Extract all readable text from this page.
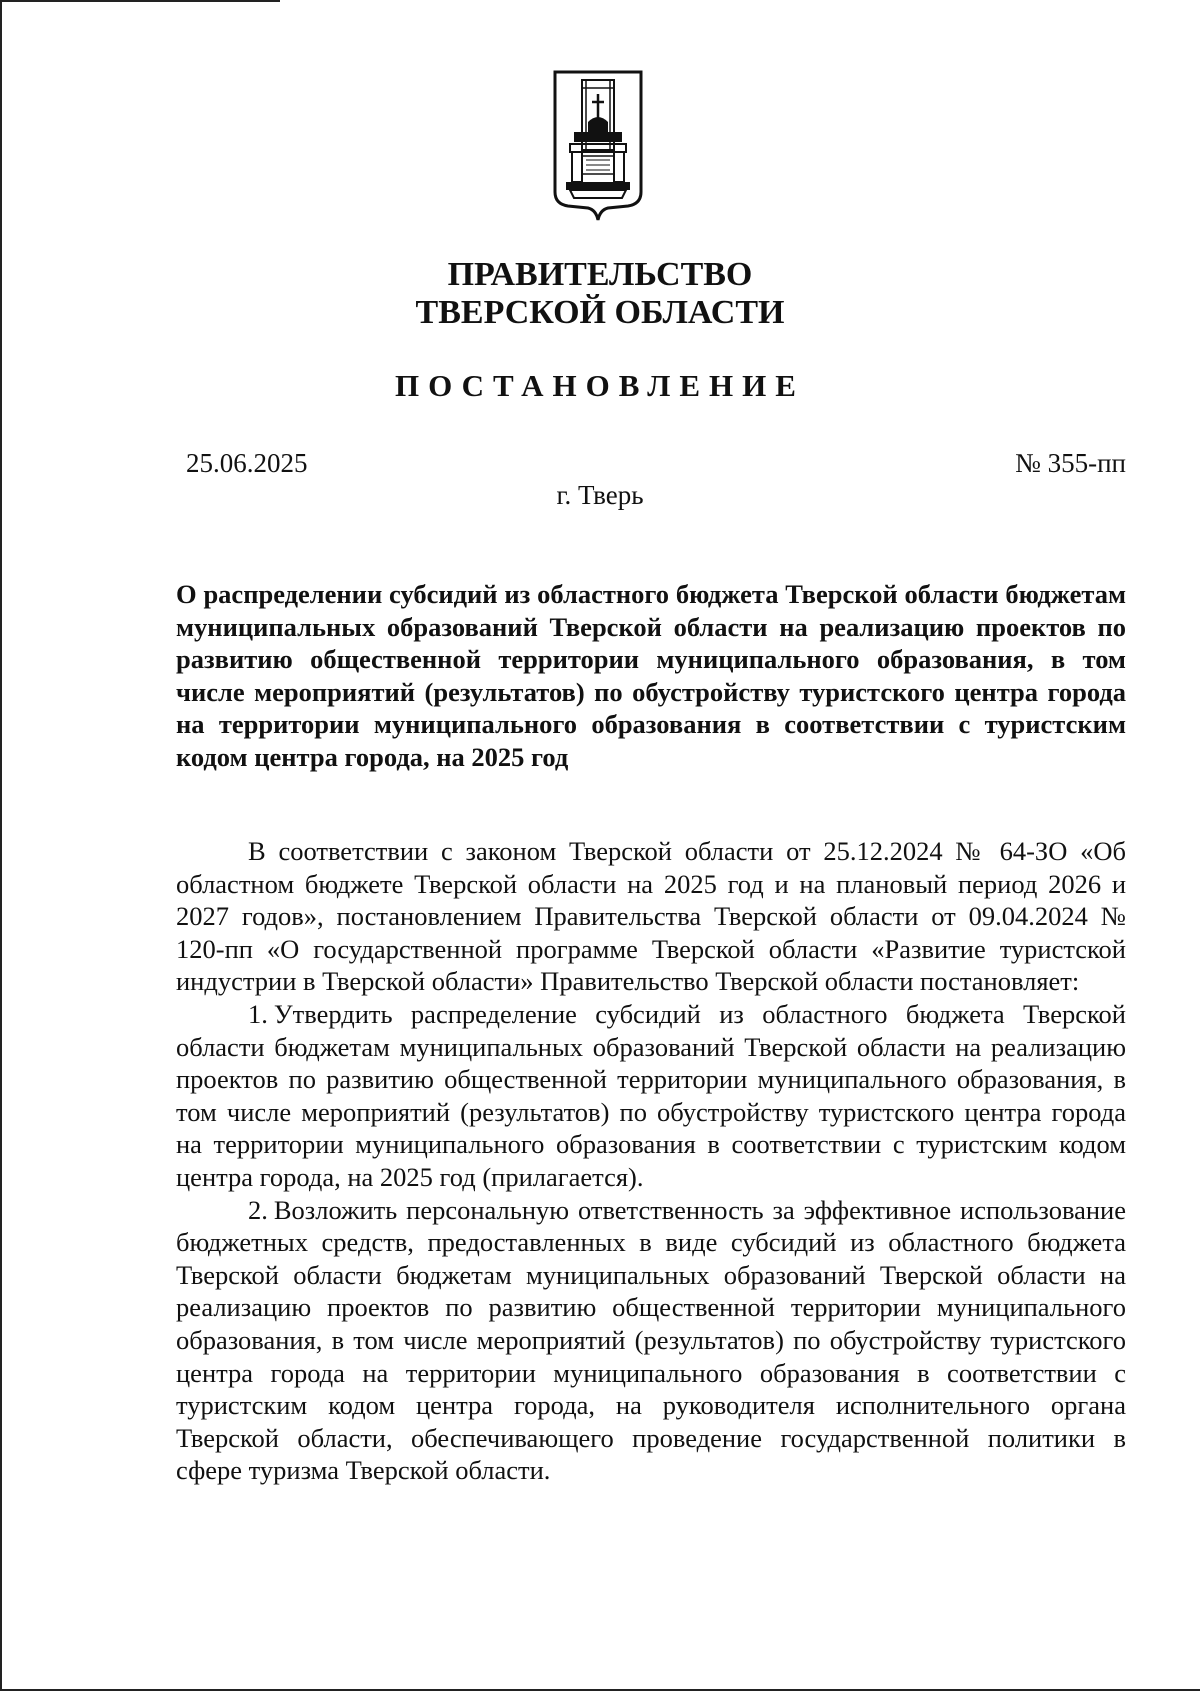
ПРАВИТЕЛЬСТВО
ТВЕРСКОЙ ОБЛАСТИ
ПОСТАНОВЛЕНИЕ
25.06.2025	№ 355-пп
г. Тверь
О распределении субсидий из областного бюджета Тверской области бюджетам муниципальных образований Тверской области на реализацию проектов по развитию общественной территории муниципального образования, в том числе мероприятий (результатов) по обустройству туристского центра города на территории муниципального образования в соответствии с туристским кодом центра города, на 2025 год

В соответствии с законом Тверской области от 25.12.2024 № 64-ЗО «Об областном бюджете Тверской области на 2025 год и на плановый период 2026 и 2027 годов», постановлением Правительства Тверской области от 09.04.2024 № 120-пп «О государственной программе Тверской области «Развитие туристской индустрии в Тверской области» Правительство Тверской области постановляет:

1. Утвердить распределение субсидий из областного бюджета Тверской области бюджетам муниципальных образований Тверской области на реализацию проектов по развитию общественной территории муниципального образования, в том числе мероприятий (результатов) по обустройству туристского центра города на территории муниципального образования в соответствии с туристским кодом центра города, на 2025 год (прилагается).

2. Возложить персональную ответственность за эффективное использование бюджетных средств, предоставленных в виде субсидий из областного бюджета Тверской области бюджетам муниципальных образований Тверской области на реализацию проектов по развитию общественной территории муниципального образования, в том числе мероприятий (результатов) по обустройству туристского центра города на территории муниципального образования в соответствии с туристским кодом центра города, на руководителя исполнительного органа Тверской области, обеспечивающего проведение государственной политики в сфере туризма Тверской области.
